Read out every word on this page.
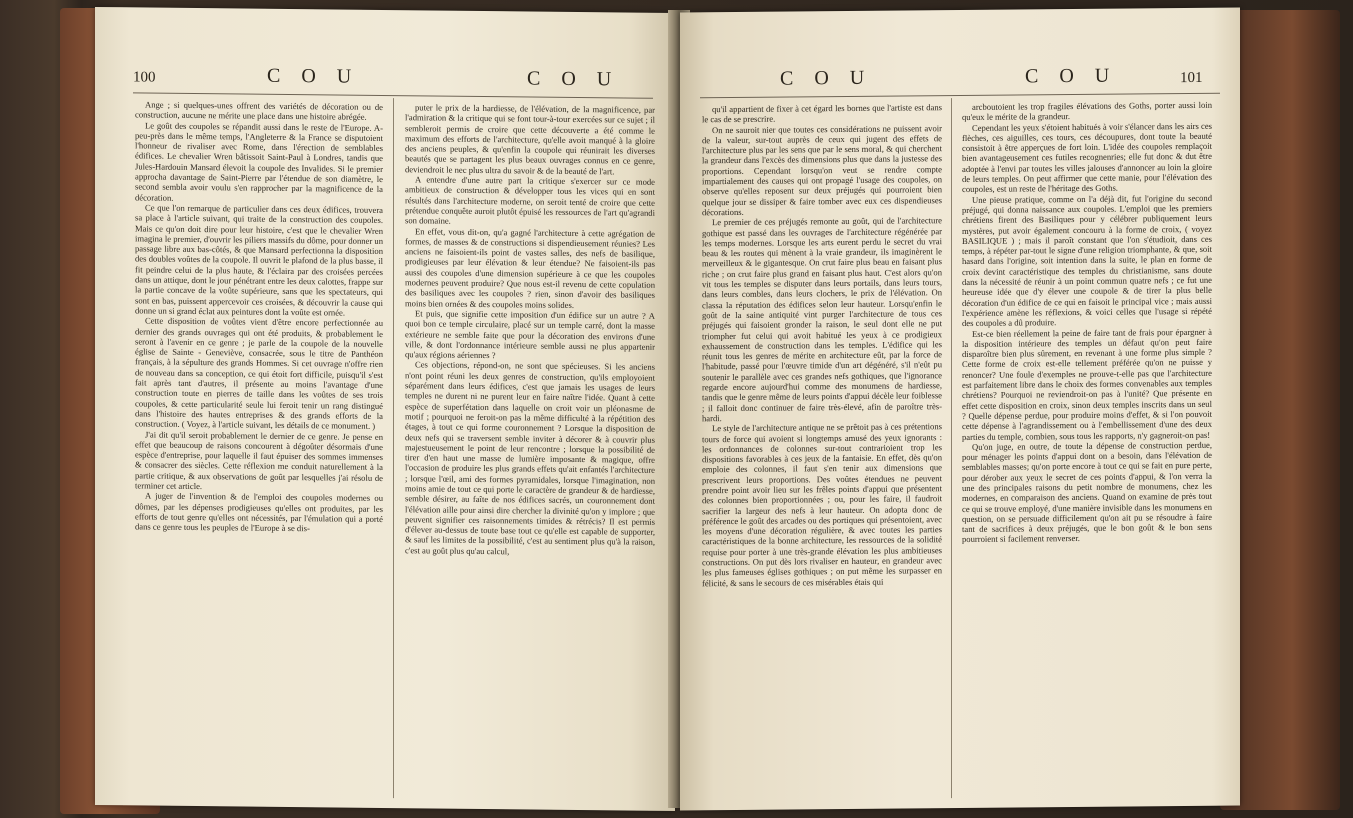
100	C O U	C O U

Ange ; si quelques-unes offrent des variétés de décoration ou de construction, aucune ne mérite une place dans une histoire abrégée.

Le goût des coupoles se répandit aussi dans le reste de l'Europe. A-peu-près dans le même temps, l'Angleterre & la France se disputoient l'honneur de rivaliser avec Rome, dans l'érection de semblables édifices. Le chevalier Wren bâtissoit Saint-Paul à Londres, tandis que Jules-Hardouin Mansard élevoit la coupole des Invalides. Si le premier approcha davantage de Saint-Pierre par l'étendue de son diamètre, le second sembla avoir voulu s'en rapprocher par la magnificence de la décoration.

Ce que l'on remarque de particulier dans ces deux édifices, trouvera sa place à l'article suivant, qui traite de la construction des coupoles. Mais ce qu'on doit dire pour leur histoire, c'est que le chevalier Wren imagina le premier, d'ouvrir les piliers massifs du dôme, pour donner un passage libre aux bas-côtés, & que Mansard perfectionna la disposition des doubles voûtes de la coupole. Il ouvrit le plafond de la plus basse, il fit peindre celui de la plus haute, & l'éclaira par des croisées percées dans un attique, dont le jour pénétrant entre les deux calottes, frappe sur la partie concave de la voûte supérieure, sans que les spectateurs, qui sont en bas, puissent appercevoir ces croisées, & découvrir la cause qui donne un si grand éclat aux peintures dont la voûte est ornée.

Cette disposition de voûtes vient d'être encore perfectionnée au dernier des grands ouvrages qui ont été produits, & probablement le seront à l'avenir en ce genre ; je parle de la coupole de la nouvelle église de Sainte - Geneviève, consacrée, sous le titre de Panthéon français, à la sépulture des grands Hommes. Si cet ouvrage n'offre rien de nouveau dans sa conception, ce qui étoit fort difficile, puisqu'il s'est fait après tant d'autres, il présente au moins l'avantage d'une construction toute en pierres de taille dans les voûtes de ses trois coupoles, & cette particularité seule lui feroit tenir un rang distingué dans l'histoire des hautes entreprises & des grands efforts de la construction. ( Voyez, à l'article suivant, les détails de ce monument. )

J'ai dit qu'il seroit probablement le dernier de ce genre. Je pense en effet que beaucoup de raisons concourent à dégoûter désormais d'une espèce d'entreprise, pour laquelle il faut épuiser des sommes immenses & consacrer des siècles. Cette réflexion me conduit naturellement à la partie critique, & aux observations de goût par lesquelles j'ai résolu de terminer cet article.

A juger de l'invention & de l'emploi des coupoles modernes ou dômes, par les dépenses prodigieuses qu'elles ont produites, par les efforts de tout genre qu'elles ont nécessités, par l'émulation qui a porté dans ce genre tous les peuples de l'Europe à se dis-

puter le prix de la hardiesse, de l'élévation, de la magnificence, par l'admiration & la critique qui se font tour-à-tour exercées sur ce sujet ; il sembleroit permis de croire que cette découverte a été comme le maximum des efforts de l'architecture, qu'elle avoit manqué à la gloire des anciens peuples, & qu'enfin la coupole qui réunirait les diverses beautés que se partagent les plus beaux ouvrages connus en ce genre, deviendroit le nec plus ultra du savoir & de la beauté de l'art.

A entendre d'une autre part la critique s'exercer sur ce mode ambitieux de construction & développer tous les vices qui en sont résultés dans l'architecture moderne, on seroit tenté de croire que cette prétendue conquête auroit plutôt épuisé les ressources de l'art qu'agrandi son domaine.

En effet, vous dit-on, qu'a gagné l'architecture à cette agrégation de formes, de masses & de constructions si dispendieusement réunies? Les anciens ne faisoient-ils point de vastes salles, des nefs de basilique, prodigieuses par leur élévation & leur étendue? Ne faisoient-ils pas aussi des coupoles d'une dimension supérieure à ce que les coupoles modernes peuvent produire? Que nous est-il revenu de cette copulation des basiliques avec les coupoles ? rien, sinon d'avoir des basiliques moins bien ornées & des coupoles moins solides.

Et puis, que signifie cette imposition d'un édifice sur un autre ? A quoi bon ce temple circulaire, placé sur un temple carré, dont la masse extérieure ne semble faite que pour la décoration des environs d'une ville, & dont l'ordonnance intérieure semble aussi ne plus appartenir qu'aux régions aériennes ?

Ces objections, répond-on, ne sont que spécieuses. Si les anciens n'ont point réuni les deux genres de construction, qu'ils employoient séparément dans leurs édifices, c'est que jamais les usages de leurs temples ne durent ni ne purent leur en faire naître l'idée. Quant à cette espèce de superfétation dans laquelle on croit voir un pléonasme de motif ; pourquoi ne feroit-on pas la même difficulté à la répétition des étages, à tout ce qui forme couronnement ? Lorsque la disposition de deux nefs qui se traversent semble inviter à décorer & à couvrir plus majestueusement le point de leur rencontre ; lorsque la possibilité de tirer d'en haut une masse de lumière imposante & magique, offre l'occasion de produire les plus grands effets qu'ait enfantés l'architecture ; lorsque l'œil, ami des formes pyramidales, lorsque l'imagination, non moins amie de tout ce qui porte le caractère de grandeur & de hardiesse, semble désirer, au faîte de nos édifices sacrés, un couronnement dont l'élévation aille pour ainsi dire chercher la divinité qu'on y implore ; que peuvent signifier ces raisonnements timides & rétrécis? Il est permis d'élever au-dessus de toute base tout ce qu'elle est capable de supporter, & sauf les limites de la possibilité, c'est au sentiment plus qu'à la raison, c'est au goût plus qu'au calcul,

C O U	C O U	101

qu'il appartient de fixer à cet égard les bornes que l'artiste est dans le cas de se prescrire.

On ne sauroit nier que toutes ces considérations ne puissent avoir de la valeur, sur-tout auprès de ceux qui jugent des effets de l'architecture plus par les sens que par le sens moral, & qui cherchent la grandeur dans l'excès des dimensions plus que dans la justesse des proportions. Cependant lorsqu'on veut se rendre compte impartialement des causes qui ont propagé l'usage des coupoles, on observe qu'elles reposent sur deux préjugés qui pourroient bien quelque jour se dissiper & faire tomber avec eux ces dispendieuses décorations.

Le premier de ces préjugés remonte au goût, qui de l'architecture gothique est passé dans les ouvrages de l'architecture régénérée par les temps modernes. Lorsque les arts eurent perdu le secret du vrai beau & les routes qui mènent à la vraie grandeur, ils imaginèrent le merveilleux & le gigantesque. On crut faire plus beau en faisant plus riche ; on crut faire plus grand en faisant plus haut. C'est alors qu'on vit tous les temples se disputer dans leurs portails, dans leurs tours, dans leurs combles, dans leurs clochers, le prix de l'élévation. On classa la réputation des édifices selon leur hauteur. Lorsqu'enfin le goût de la saine antiquité vint purger l'architecture de tous ces préjugés qui faisoient gronder la raison, le seul dont elle ne put triompher fut celui qui avoit habitué les yeux à ce prodigieux exhaussement de construction dans les temples. L'édifice qui les réunit tous les genres de mérite en architecture eût, par la force de l'habitude, passé pour l'œuvre timide d'un art dégénéré, s'il n'eût pu soutenir le parallèle avec ces grandes nefs gothiques, que l'ignorance regarde encore aujourd'hui comme des monumens de hardiesse, tandis que le genre même de leurs points d'appui décèle leur foiblesse ; il falloit donc continuer de faire très-élevé, afin de paroître très-hardi.

Le style de l'architecture antique ne se prêtoit pas à ces prétentions tours de force qui avoient si longtemps amusé des yeux ignorants : les ordonnances de colonnes sur-tout contrarioient trop les dispositions favorables à ces jeux de la fantaisie. En effet, dès qu'on emploie des colonnes, il faut s'en tenir aux dimensions que prescrivent leurs proportions. Des voûtes étendues ne peuvent prendre point avoir lieu sur les frêles points d'appui que présentent des colonnes bien proportionnées ; ou, pour les faire, il faudroit sacrifier la largeur des nefs à leur hauteur. On adopta donc de préférence le goût des arcades ou des portiques qui présentoient, avec les moyens d'une décoration régulière, & avec toutes les parties caractéristiques de la bonne architecture, les ressources de la solidité requise pour porter à une très-grande élévation les plus ambitieuses constructions. On put dès lors rivaliser en hauteur, en grandeur avec les plus fameuses églises gothiques ; on put même les surpasser en félicité, & sans le secours de ces misérables étais qui

arcboutoient les trop fragiles élévations des Goths, porter aussi loin qu'eux le mérite de la grandeur.

Cependant les yeux s'étoient habitués à voir s'élancer dans les airs ces flèches, ces aiguilles, ces tours, ces découpures, dont toute la beauté consistoit à être apperçues de fort loin. L'idée des coupoles remplaçoit bien avantageusement ces futiles recognenries; elle fut donc & dut être adoptée à l'envi par toutes les villes jalouses d'annoncer au loin la gloire de leurs temples. On peut affirmer que cette manie, pour l'élévation des coupoles, est un reste de l'héritage des Goths.

Une pieuse pratique, comme on l'a déjà dit, fut l'origine du second préjugé, qui donna naissance aux coupoles. L'emploi que les premiers chrétiens firent des Basiliques pour y célébrer publiquement leurs mystères, put avoir également concouru à la forme de croix, ( voyez BASILIQUE ) ; mais il paroît constant que l'on s'étudioit, dans ces temps, à répéter par-tout le signe d'une religion triomphante, & que, soit hasard dans l'origine, soit intention dans la suite, le plan en forme de croix devint caractéristique des temples du christianisme, sans doute dans la nécessité de réunir à un point commun quatre nefs ; ce fut une heureuse idée que d'y élever une coupole & de tirer la plus belle décoration d'un édifice de ce qui en faisoit le principal vice ; mais aussi l'expérience amène les réflexions, & voici celles que l'usage si répété des coupoles a dû produire.

Est-ce bien réellement la peine de faire tant de frais pour épargner à la disposition intérieure des temples un défaut qu'on peut faire disparoître bien plus sûrement, en revenant à une forme plus simple ? Cette forme de croix est-elle tellement préférée qu'on ne puisse y renoncer? Une foule d'exemples ne prouve-t-elle pas que l'architecture est parfaitement libre dans le choix des formes convenables aux temples chrétiens? Pourquoi ne reviendroit-on pas à l'unité? Que présente en effet cette disposition en croix, sinon deux temples inscrits dans un seul ? Quelle dépense perdue, pour produire moins d'effet, & si l'on pouvoit cette dépense à l'agrandissement ou à l'embellissement d'une des deux parties du temple, combien, sous tous les rapports, n'y gagneroit-on pas!

Qu'on juge, en outre, de toute la dépense de construction perdue, pour ménager les points d'appui dont on a besoin, dans l'élévation de semblables masses; qu'on porte encore à tout ce qui se fait en pure perte, pour dérober aux yeux le secret de ces points d'appui, & l'on verra la une des principales raisons du petit nombre de monumens, chez les modernes, en comparaison des anciens. Quand on examine de près tout ce qui se trouve employé, d'une manière invisible dans les monumens en question, on se persuade difficilement qu'on ait pu se résoudre à faire tant de sacrifices à deux préjugés, que le bon goût & le bon sens pourroient si facilement renverser.
